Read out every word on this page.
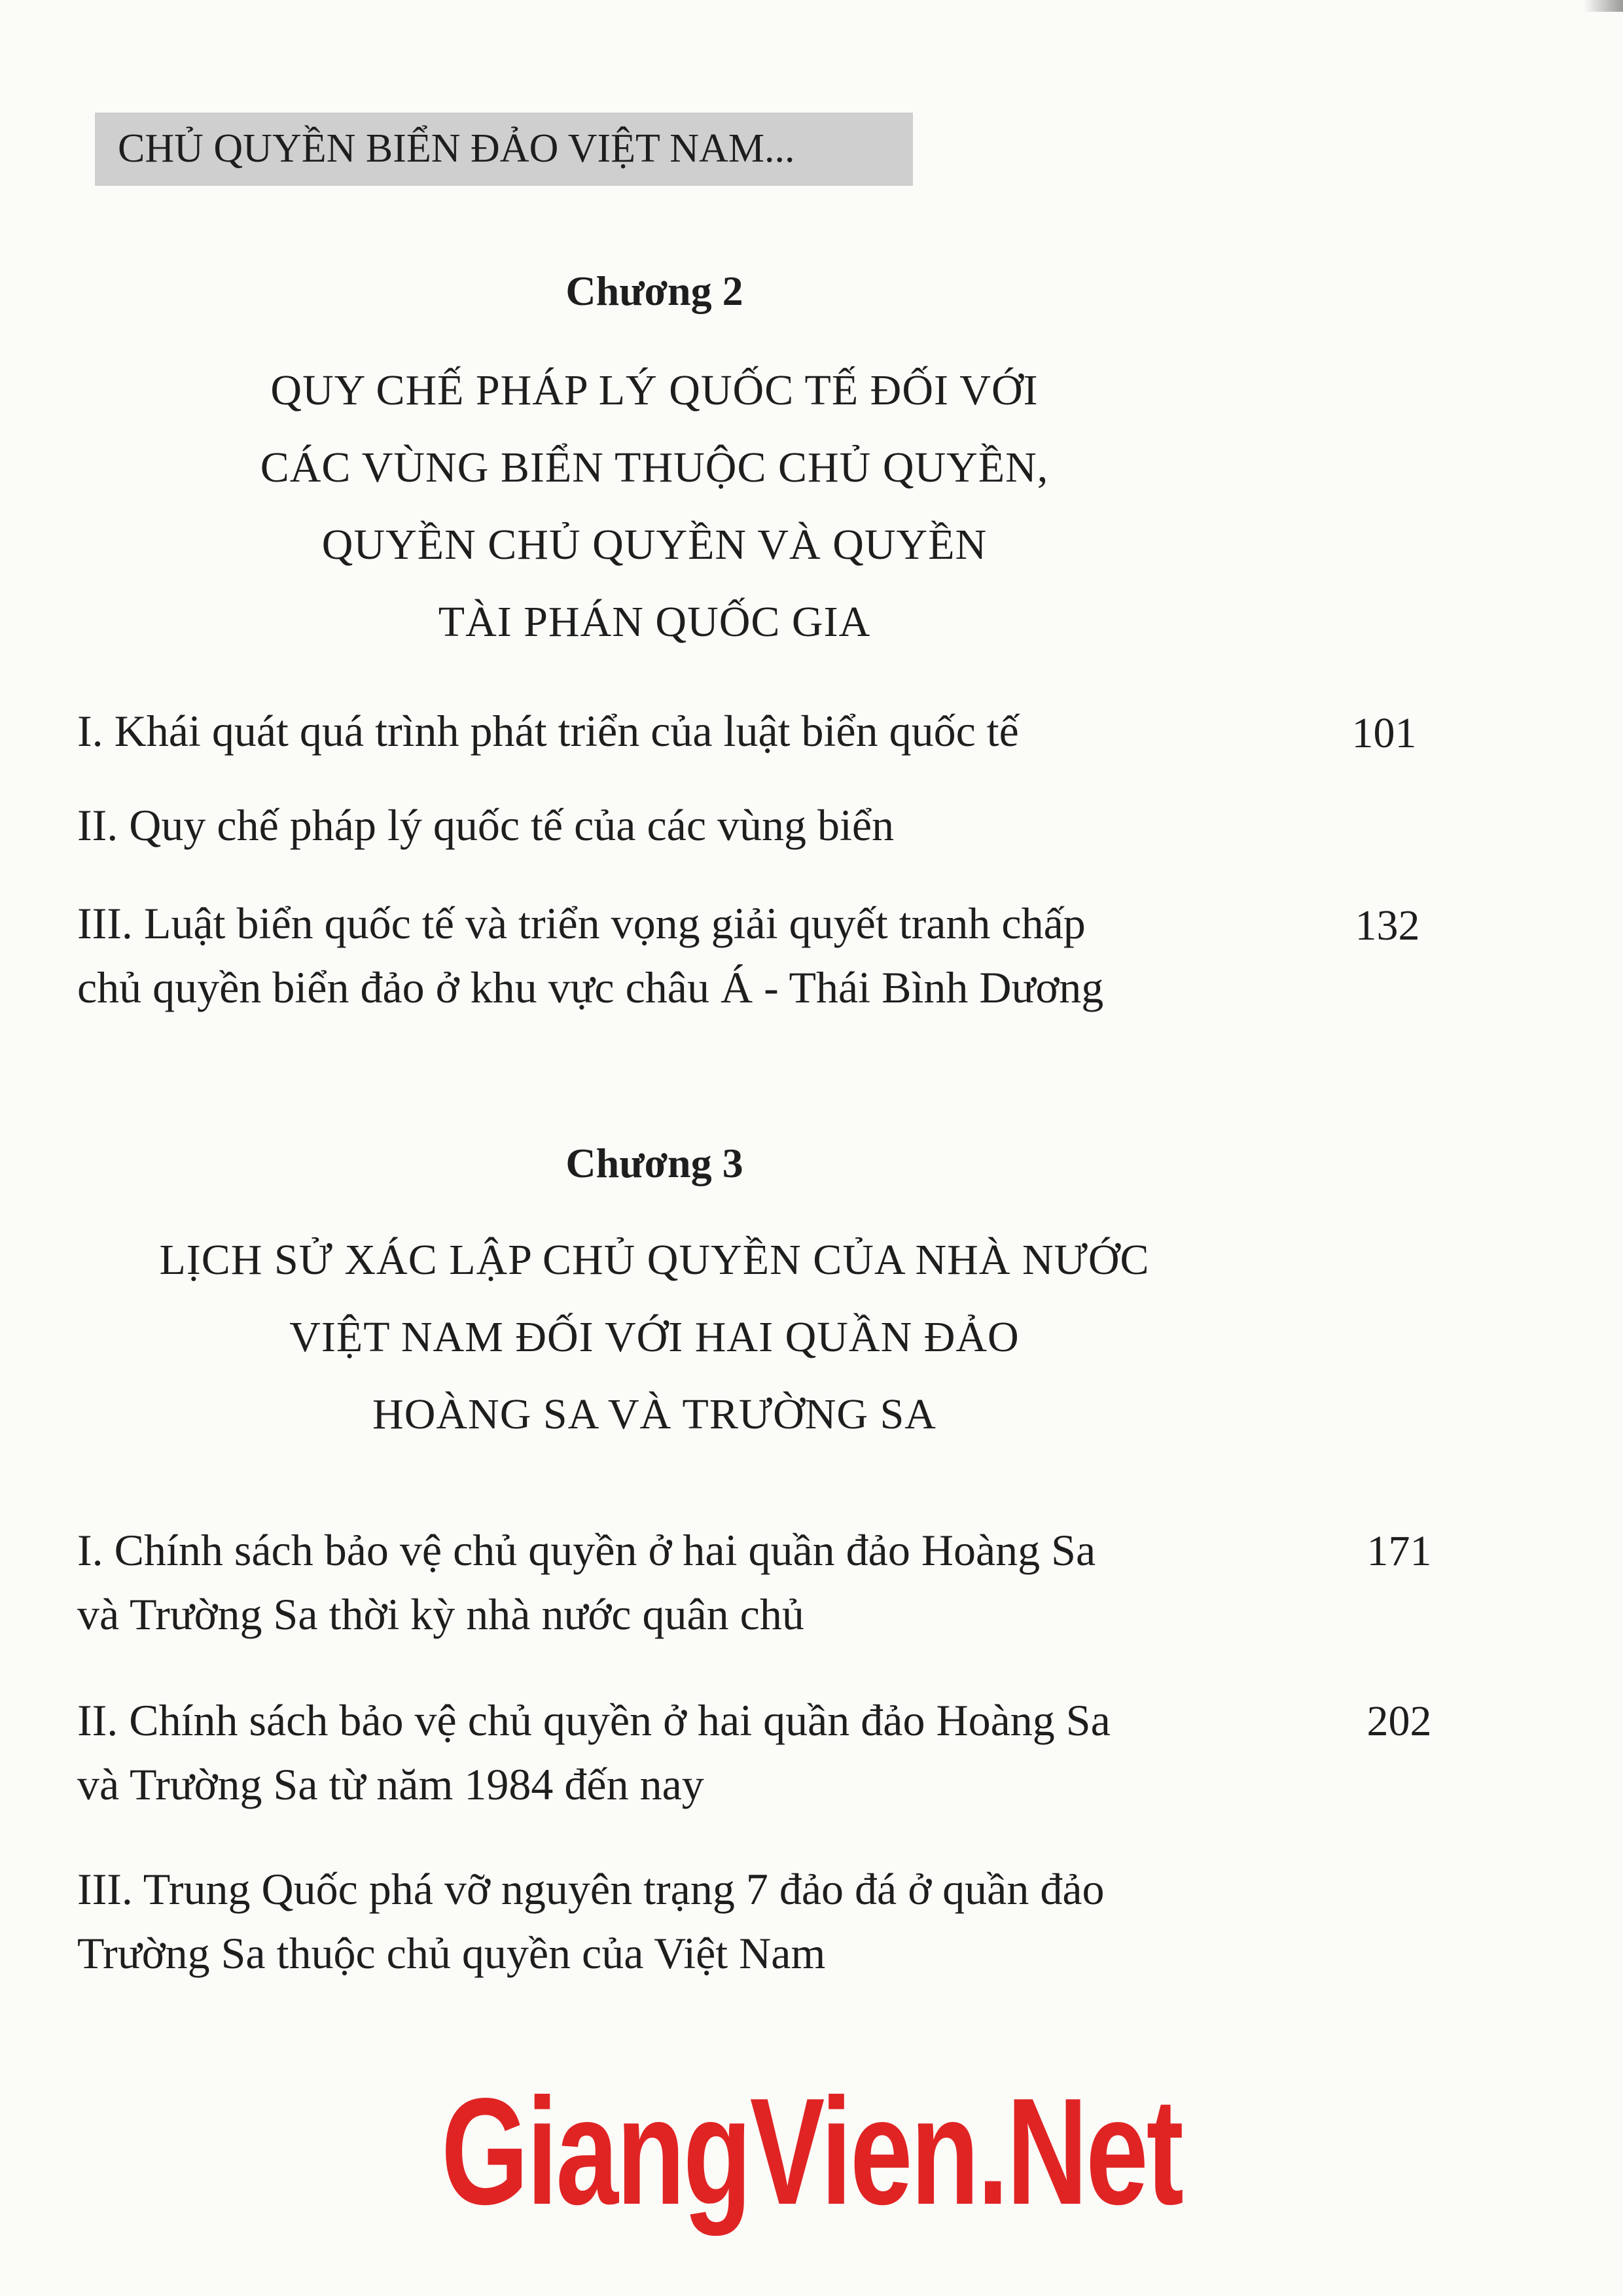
CHỦ QUYỀN BIỂN ĐẢO VIỆT NAM...
Chương 2
QUY CHẾ PHÁP LÝ QUỐC TẾ ĐỐI VỚI
CÁC VÙNG BIỂN THUỘC CHỦ QUYỀN,
QUYỀN CHỦ QUYỀN VÀ QUYỀN
TÀI PHÁN QUỐC GIA
I. Khái quát quá trình phát triển của luật biển quốc tế	101
II. Quy chế pháp lý quốc tế của các vùng biển
III. Luật biển quốc tế và triển vọng giải quyết tranh chấp
chủ quyền biển đảo ở khu vực châu Á - Thái Bình Dương
132
Chương 3
LỊCH SỬ XÁC LẬP CHỦ QUYỀN CỦA NHÀ NƯỚC
VIỆT NAM ĐỐI VỚI HAI QUẦN ĐẢO
HOÀNG SA VÀ TRƯỜNG SA
I. Chính sách bảo vệ chủ quyền ở hai quần đảo Hoàng Sa
và Trường Sa thời kỳ nhà nước quân chủ
171
II. Chính sách bảo vệ chủ quyền ở hai quần đảo Hoàng Sa
và Trường Sa từ năm 1984 đến nay
202
III. Trung Quốc phá vỡ nguyên trạng 7 đảo đá ở quần đảo
Trường Sa thuộc chủ quyền của Việt Nam
GiangVien.Net
